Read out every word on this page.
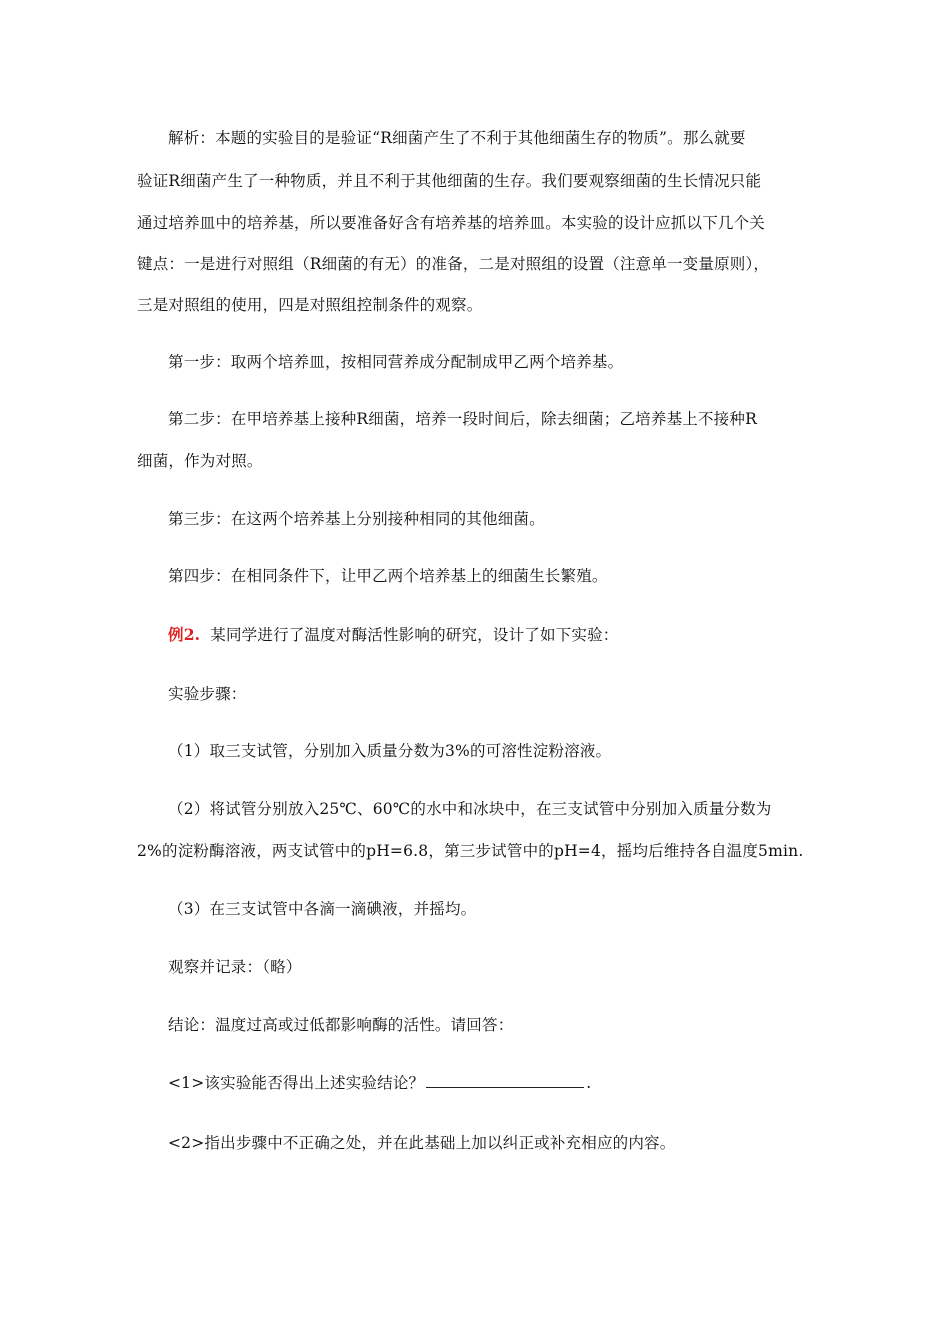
解析：本题的实验目的是验证“R细菌产生了不利于其他细菌生存的物质”。那么就要
验证R细菌产生了一种物质，并且不利于其他细菌的生存。我们要观察细菌的生长情况只能
通过培养皿中的培养基，所以要准备好含有培养基的培养皿。本实验的设计应抓以下几个关
键点：一是进行对照组（R细菌的有无）的准备，二是对照组的设置（注意单一变量原则），
三是对照组的使用，四是对照组控制条件的观察。
第一步：取两个培养皿，按相同营养成分配制成甲乙两个培养基。
第二步：在甲培养基上接种R细菌，培养一段时间后，除去细菌；乙培养基上不接种R
细菌，作为对照。
第三步：在这两个培养基上分别接种相同的其他细菌。
第四步：在相同条件下，让甲乙两个培养基上的细菌生长繁殖。
例2. 某同学进行了温度对酶活性影响的研究，设计了如下实验：
实验步骤：
（1）取三支试管，分别加入质量分数为3%的可溶性淀粉溶液。
（2）将试管分别放入25℃、60℃的水中和冰块中，在三支试管中分别加入质量分数为
2%的淀粉酶溶液，两支试管中的pH=6.8，第三步试管中的pH=4，摇均后维持各自温度5min.
（3）在三支试管中各滴一滴碘液，并摇均。
观察并记录：（略）
结论：温度过高或过低都影响酶的活性。请回答：
<1>该实验能否得出上述实验结论？	.
<2>指出步骤中不正确之处，并在此基础上加以纠正或补充相应的内容。
